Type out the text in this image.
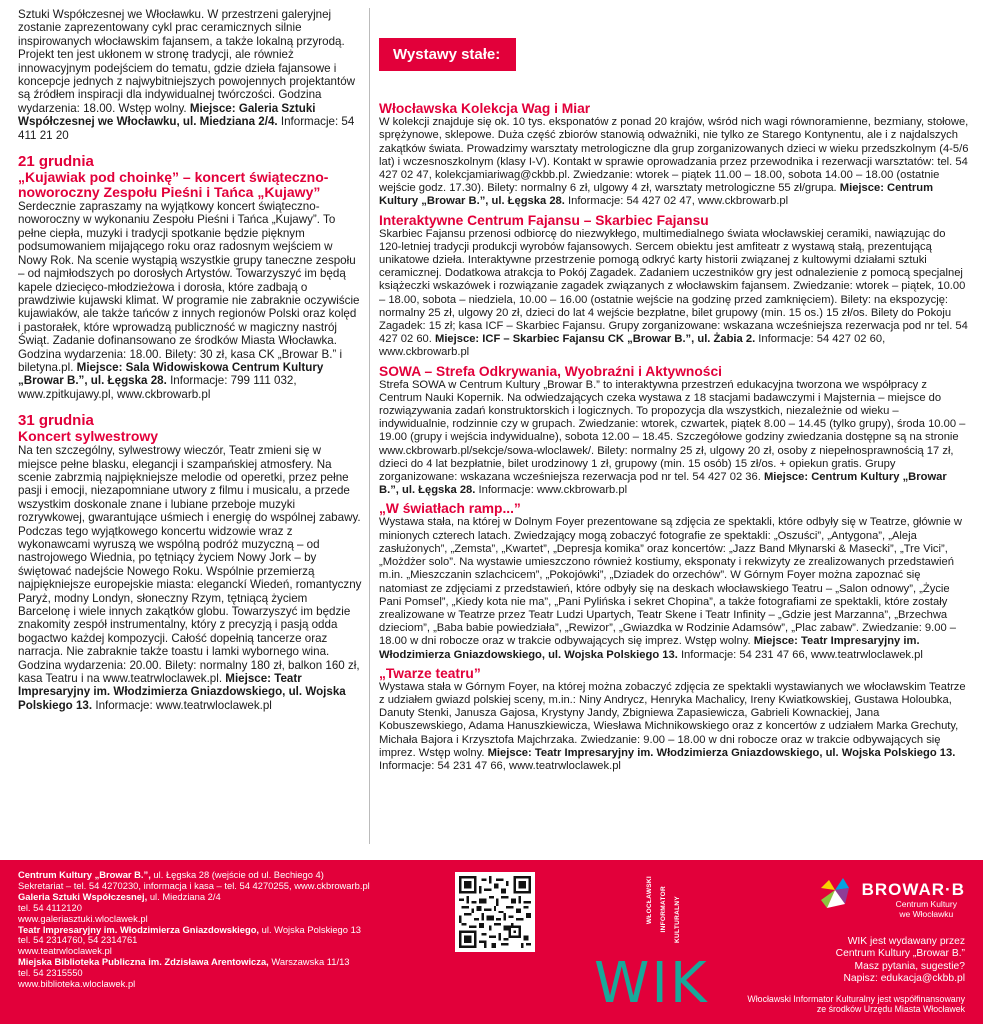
Sztuki Współczesnej we Włocławku. W przestrzeni galeryjnej zostanie zaprezentowany cykl prac ceramicznych silnie inspirowanych włocławskim fajansem, a także lokalną przyrodą. Projekt ten jest ukłonem w stronę tradycji, ale również innowacyjnym podejściem do tematu, gdzie dzieła fajansowe i koncepcje jednych z najwybitniejszych powojennych projektantów są źródłem inspiracji dla indywidualnej twórczości. Godzina wydarzenia: 18.00. Wstęp wolny. Miejsce: Galeria Sztuki Współczesnej we Włocławku, ul. Miedziana 2/4. Informacje: 54 411 21 20

21 grudnia
„Kujawiak pod choinkę” – koncert świąteczno-noworoczny Zespołu Pieśni i Tańca „Kujawy”

Serdecznie zapraszamy na wyjątkowy koncert świąteczno-noworoczny w wykonaniu Zespołu Pieśni i Tańca „Kujawy”. To pełne ciepła, muzyki i tradycji spotkanie będzie pięknym podsumowaniem mijającego roku oraz radosnym wejściem w Nowy Rok. Na scenie wystąpią wszystkie grupy taneczne zespołu – od najmłodszych po dorosłych Artystów. Towarzyszyć im będą kapele dziecięco-młodzieżowa i dorosła, które zadbają o prawdziwie kujawski klimat. W programie nie zabraknie oczywiście kujawiaków, ale także tańców z innych regionów Polski oraz kolęd i pastorałek, które wprowadzą publiczność w magiczny nastrój Świąt. Zadanie dofinansowano ze środków Miasta Włocławka. Godzina wydarzenia: 18.00. Bilety: 30 zł, kasa CK „Browar B.” i biletyna.pl. Miejsce: Sala Widowiskowa Centrum Kultury „Browar B.”, ul. Łęgska 28. Informacje: 799 111 032, www.zpitkujawy.pl, www.ckbrowarb.pl

31 grudnia
Koncert sylwestrowy

Na ten szczególny, sylwestrowy wieczór, Teatr zmieni się w miejsce pełne blasku, elegancji i szampańskiej atmosfery. Na scenie zabrzmią najpiękniejsze melodie od operetki, przez pełne pasji i emocji, niezapomniane utwory z filmu i musicalu, a przede wszystkim doskonale znane i lubiane przeboje muzyki rozrywkowej, gwarantujące uśmiech i energię do wspólnej zabawy. Podczas tego wyjątkowego koncertu widzowie wraz z wykonawcami wyruszą we wspólną podróż muzyczną – od nastrojowego Wiednia, po tętniący życiem Nowy Jork – by świętować nadejście Nowego Roku. Wspólnie przemierzą najpiękniejsze europejskie miasta: eleganckí Wiedeń, romantyczny Paryż, modny Londyn, słoneczny Rzym, tętniącą życiem Barcelonę i wiele innych zakątków globu. Towarzyszyć im będzie znakomity zespół instrumentalny, który z precyzją i pasją odda bogactwo każdej kompozycji. Całość dopełnią tancerze oraz narracja. Nie zabraknie także toastu i lamki wybornego wina. Godzina wydarzenia: 20.00. Bilety: normalny 180 zł, balkon 160 zł, kasa Teatru i na www.teatrwloclawek.pl. Miejsce: Teatr Impresaryjny im. Włodzimierza Gniazdowskiego, ul. Wojska Polskiego 13. Informacje: www.teatrwloclawek.pl

Wystawy stałe:
Włocławska Kolekcja Wag i Miar

W kolekcji znajduje się ok. 10 tys. eksponatów z ponad 20 krajów, wśród nich wagi równoramienne, bezmiany, stołowe, sprężynowe, sklepowe. Duża część zbiorów stanowią odważniki, nie tylko ze Starego Kontynentu, ale i z najdalszych zakątków świata. Prowadzimy warsztaty metrologiczne dla grup zorganizowanych dzieci w wieku przedszkolnym (4-5/6 lat) i wczesnoszkolnym (klasy I-V). Kontakt w sprawie oprowadzania przez przewodnika i rezerwacji warsztatów: tel. 54 427 02 47, kolekcjamiariwag@ckbb.pl. Zwiedzanie: wtorek – piątek 11.00 – 18.00, sobota 14.00 – 18.00 (ostatnie wejście godz. 17.30). Bilety: normalny 6 zł, ulgowy 4 zł, warsztaty metrologiczne 55 zł/grupa. Miejsce: Centrum Kultury „Browar B.”, ul. Łęgska 28. Informacje: 54 427 02 47, www.ckbrowarb.pl

Interaktywne Centrum Fajansu – Skarbiec Fajansu

Skarbiec Fajansu przenosi odbiorcę do niezwykłego, multimedialnego świata włocławskiej ceramiki, nawiązując do 120-letniej tradycji produkcji wyrobów fajansowych. Sercem obiektu jest amfiteatr z wystawą stałą, prezentującą unikatowe dzieła. Interaktywne przestrzenie pomogą odkryć karty historii związanej z kultowymi działami sztuki ceramicznej. Dodatkowa atrakcja to Pokój Zagadek. Zadaniem uczestników gry jest odnalezienie z pomocą specjalnej książeczki wskazówek i rozwiązanie zagadek związanych z włocławskim fajansem. Zwiedzanie: wtorek – piątek, 10.00 – 18.00, sobota – niedziela, 10.00 – 16.00 (ostatnie wejście na godzinę przed zamknięciem). Bilety: na ekspozycję: normalny 25 zł, ulgowy 20 zł, dzieci do lat 4 wejście bezpłatne, bilet grupowy (min. 15 os.) 15 zł/os. Bilety do Pokoju Zagadek: 15 zł; kasa ICF – Skarbiec Fajansu. Grupy zorganizowane: wskazana wcześniejsza rezerwacja pod nr tel. 54 427 02 60. Miejsce: ICF – Skarbiec Fajansu CK „Browar B.”, ul. Żabia 2. Informacje: 54 427 02 60, www.ckbrowarb.pl

SOWA – Strefa Odkrywania, Wyobraźni i Aktywności

Strefa SOWA w Centrum Kultury „Browar B.” to interaktywna przestrzeń edukacyjna tworzona we współpracy z Centrum Nauki Kopernik. Na odwiedzających czeka wystawa z 18 stacjami badawczymi i Majsternia – miejsce do rozwiązywania zadań konstruktorskich i logicznych. To propozycja dla wszystkich, niezależnie od wieku – indywidualnie, rodzinnie czy w grupach. Zwiedzanie: wtorek, czwartek, piątek 8.00 – 14.45 (tylko grupy), środa 10.00 – 19.00 (grupy i wejścia indywidualne), sobota 12.00 – 18.45. Szczegółowe godziny zwiedzania dostępne są na stronie www.ckbrowarb.pl/sekcje/sowa-wloclawek/. Bilety: normalny 25 zł, ulgowy 20 zł, osoby z niepełnosprawnością 17 zł, dzieci do 4 lat bezpłatnie, bilet urodzinowy 1 zł, grupowy (min. 15 osób) 15 zł/os. + opiekun gratis. Grupy zorganizowane: wskazana wcześniejsza rezerwacja pod nr tel. 54 427 02 36. Miejsce: Centrum Kultury „Browar B.”, ul. Łęgska 28. Informacje: www.ckbrowarb.pl

„W światłach ramp...”

Wystawa stała, na której w Dolnym Foyer prezentowane są zdjęcia ze spektakli, które odbyły się w Teatrze, głównie w minionych czterech latach. Zwiedzający mogą zobaczyć fotografie ze spektakli: „Oszuści”, „Antygona”, „Aleja zasłużonych”, „Zemsta”, „Kwartet”, „Depresja komika” oraz koncertów: „Jazz Band Młynarski & Masecki”, „Tre Vici”, „Możdżer solo”. Na wystawie umieszczono również kostiumy, eksponaty i rekwizyty ze zrealizowanych przedstawień m.in. „Mieszczanin szlachcicem”, „Pokojówki”, „Dziadek do orzechów”. W Górnym Foyer można zapoznać się natomiast ze zdjęciami z przedstawień, które odbyły się na deskach włocławskiego Teatru – „Salon odnowy”, „Życie Pani Pomsel”, „Kiedy kota nie ma”, „Pani Pylińska i sekret Chopina”, a także fotografiami ze spektakli, które zostały zrealizowane w Teatrze przez Teatr Ludzi Upartych, Teatr Skene i Teatr Infinity – „Gdzie jest Marzanna”, „Brzechwa dzieciom”, „Baba babie powiedziała”, „Rewizor”, „Gwiazdka w Rodzinie Adamsów”, „Plac zabaw”. Zwiedzanie: 9.00 – 18.00 w dni robocze oraz w trakcie odbywających się imprez. Wstęp wolny. Miejsce: Teatr Impresaryjny im. Włodzimierza Gniazdowskiego, ul. Wojska Polskiego 13. Informacje: 54 231 47 66, www.teatrwloclawek.pl

„Twarze teatru”

Wystawa stała w Górnym Foyer, na której można zobaczyć zdjęcia ze spektakli wystawianych we włocławskim Teatrze z udziałem gwiazd polskiej sceny, m.in.: Niny Andrycz, Henryka Machalicy, Ireny Kwiatkowskiej, Gustawa Holoubka, Danuty Stenki, Janusza Gajosa, Krystyny Jandy, Zbigniewa Zapasiewicza, Gabrieli Kownackiej, Jana Kobuszewskiego, Adama Hanuszkiewicza, Wiesława Michnikowskiego oraz z koncertów z udziałem Marka Grechuty, Michała Bajora i Krzysztofa Majchrzaka. Zwiedzanie: 9.00 – 18.00 w dni robocze oraz w trakcie odbywających się imprez. Wstęp wolny. Miejsce: Teatr Impresaryjny im. Włodzimierza Gniazdowskiego, ul. Wojska Polskiego 13. Informacje: 54 231 47 66, www.teatrwloclawek.pl

Centrum Kultury „Browar B.”, ul. Łęgska 28 (wejście od ul. Bechiego 4)
Sekretariat – tel. 54 4270230, informacja i kasa – tel. 54 4270255, www.ckbrowarb.pl
Galeria Sztuki Współczesnej, ul. Miedziana 2/4
tel. 54 4112120
www.galeriasztuki.wloclawek.pl
Teatr Impresaryjny im. Włodzimierza Gniazdowskiego, ul. Wojska Polskiego 13
tel. 54 2314760, 54 2314761
www.teatrwloclawek.pl
Miejska Biblioteka Publiczna im. Zdzisława Arentowicza, Warszawska 11/13
tel. 54 2315550
www.biblioteka.wloclawek.pl
WŁOCŁAWSKI INFORMATOR KULTURALNY
WIK
BROWAR·B
Centrum Kultury
we Włocławku
WIK jest wydawany przez
Centrum Kultury „Browar B.”
Masz pytania, sugestie?
Napisz: edukacja@ckbb.pl
Włocławski Informator Kulturalny jest współfinansowany
ze środków Urzędu Miasta Włocławek
